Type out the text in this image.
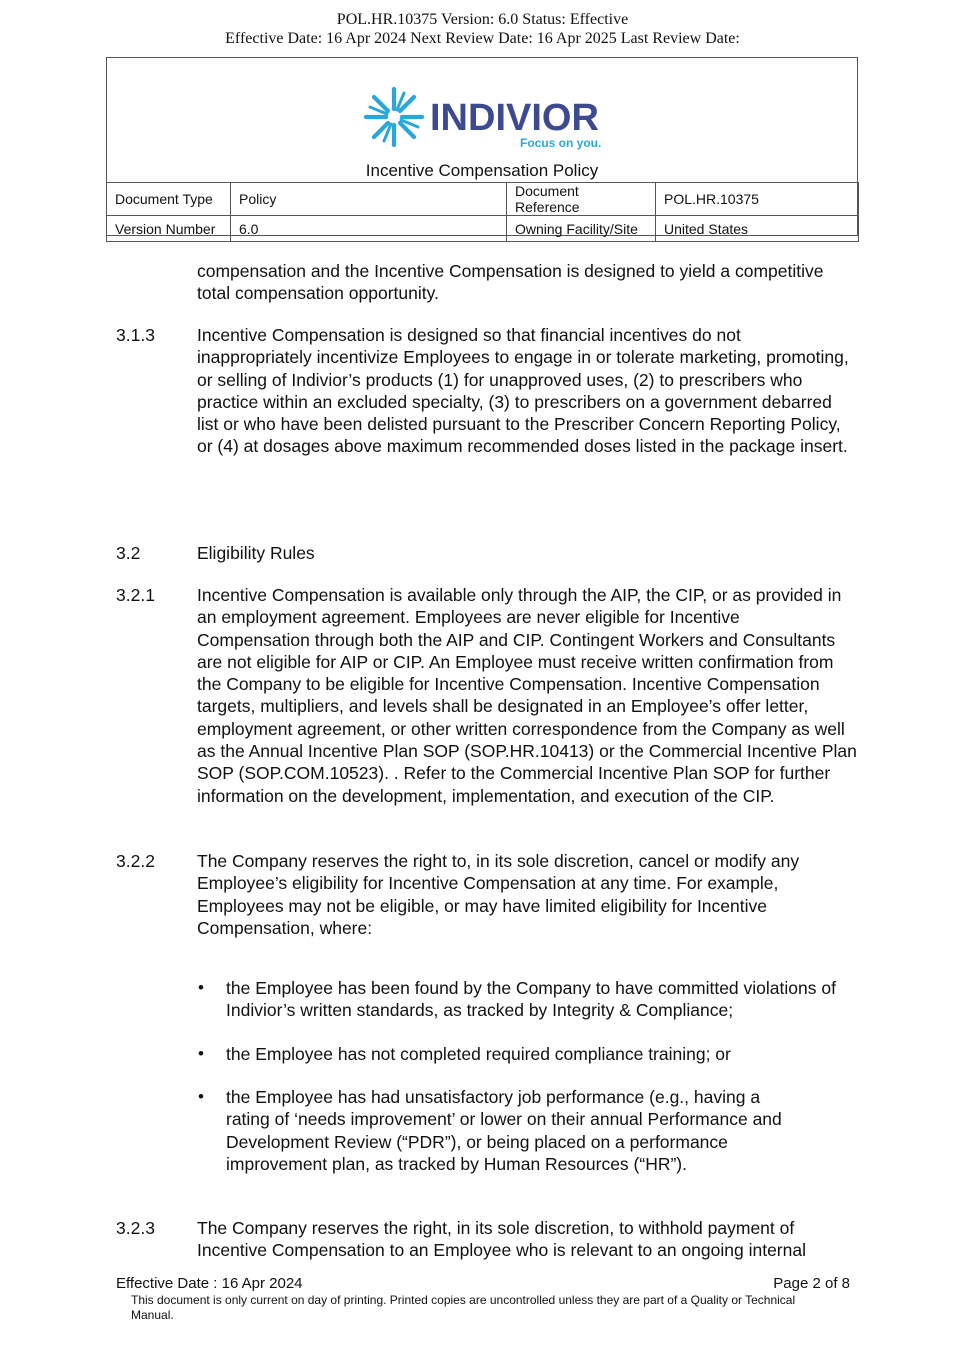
POL.HR.10375 Version: 6.0 Status: Effective
Effective Date: 16 Apr 2024 Next Review Date: 16 Apr 2025 Last Review Date:
INDIVIOR
Focus on you.
Incentive Compensation Policy
Document Type	Policy	Document Reference	POL.HR.10375
Version Number	6.0	Owning Facility/Site	United States
compensation and the Incentive Compensation is designed to yield a competitive total compensation opportunity.
3.1.3 Incentive Compensation is designed so that financial incentives do not inappropriately incentivize Employees to engage in or tolerate marketing, promoting, or selling of Indivior’s products (1) for unapproved uses, (2) to prescribers who practice within an excluded specialty, (3) to prescribers on a government debarred list or who have been delisted pursuant to the Prescriber Concern Reporting Policy, or (4) at dosages above maximum recommended doses listed in the package insert.
3.2	Eligibility Rules
3.2.1 Incentive Compensation is available only through the AIP, the CIP, or as provided in an employment agreement. Employees are never eligible for Incentive Compensation through both the AIP and CIP. Contingent Workers and Consultants are not eligible for AIP or CIP. An Employee must receive written confirmation from the Company to be eligible for Incentive Compensation. Incentive Compensation targets, multipliers, and levels shall be designated in an Employee’s offer letter, employment agreement, or other written correspondence from the Company as well as the Annual Incentive Plan SOP (SOP.HR.10413) or the Commercial Incentive Plan SOP (SOP.COM.10523). . Refer to the Commercial Incentive Plan SOP for further information on the development, implementation, and execution of the CIP.
3.2.2 The Company reserves the right to, in its sole discretion, cancel or modify any Employee’s eligibility for Incentive Compensation at any time. For example, Employees may not be eligible, or may have limited eligibility for Incentive Compensation, where:
• the Employee has been found by the Company to have committed violations of Indivior’s written standards, as tracked by Integrity & Compliance;
• the Employee has not completed required compliance training; or
• the Employee has had unsatisfactory job performance (e.g., having a rating of ‘needs improvement’ or lower on their annual Performance and Development Review (“PDR”), or being placed on a performance improvement plan, as tracked by Human Resources (“HR”).
3.2.3 The Company reserves the right, in its sole discretion, to withhold payment of Incentive Compensation to an Employee who is relevant to an ongoing internal
Effective Date : 16 Apr 2024	Page 2 of 8
This document is only current on day of printing. Printed copies are uncontrolled unless they are part of a Quality or Technical Manual.
